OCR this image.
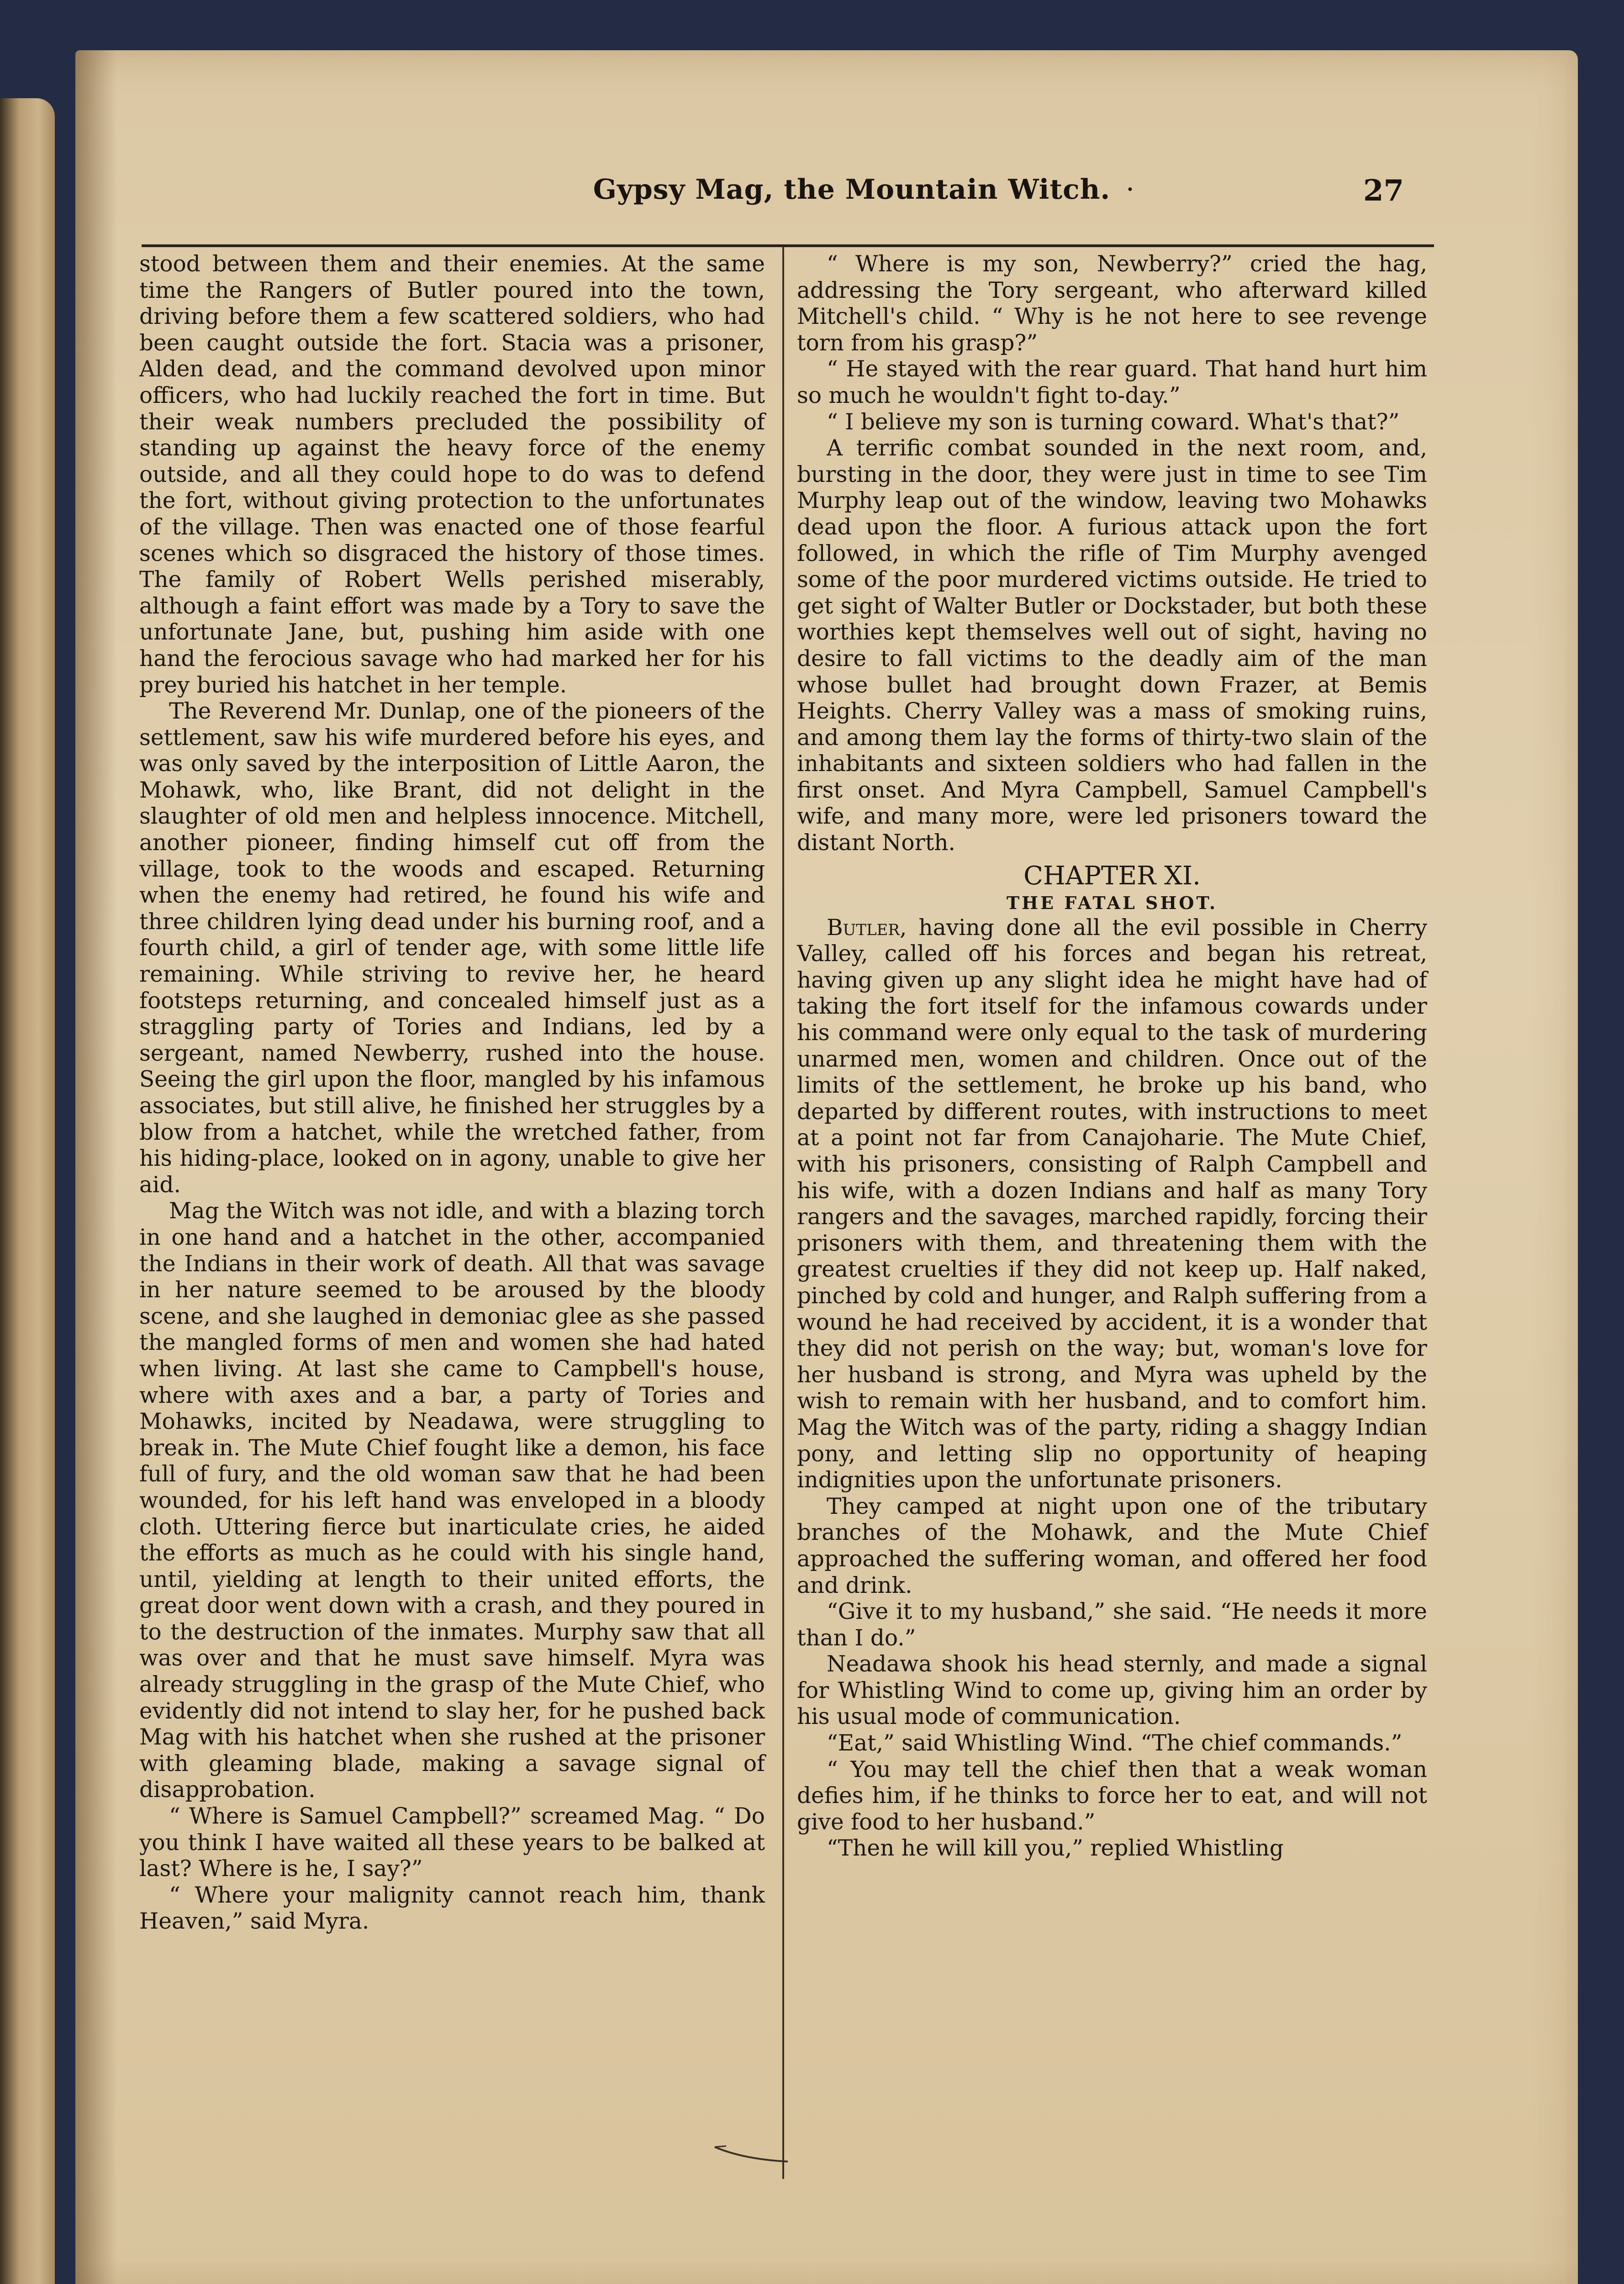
Gypsy Mag, the Mountain Witch. ·	27

stood between them and their enemies. At the same time the Rangers of Butler poured into the town, driving before them a few scattered soldiers, who had been caught outside the fort. Stacia was a prisoner, Alden dead, and the command devolved upon minor officers, who had luckily reached the fort in time. But their weak numbers precluded the possibility of standing up against the heavy force of the enemy outside, and all they could hope to do was to defend the fort, without giving protection to the unfortunates of the village. Then was enacted one of those fearful scenes which so disgraced the history of those times. The family of Robert Wells perished miserably, although a faint effort was made by a Tory to save the unfortunate Jane, but, pushing him aside with one hand the ferocious savage who had marked her for his prey buried his hatchet in her temple.

The Reverend Mr. Dunlap, one of the pioneers of the settlement, saw his wife murdered before his eyes, and was only saved by the interposition of Little Aaron, the Mohawk, who, like Brant, did not delight in the slaughter of old men and helpless innocence. Mitchell, another pioneer, finding himself cut off from the village, took to the woods and escaped. Returning when the enemy had retired, he found his wife and three children lying dead under his burning roof, and a fourth child, a girl of tender age, with some little life remaining. While striving to revive her, he heard footsteps returning, and concealed himself just as a straggling party of Tories and Indians, led by a sergeant, named Newberry, rushed into the house. Seeing the girl upon the floor, mangled by his infamous associates, but still alive, he finished her struggles by a blow from a hatchet, while the wretched father, from his hiding-place, looked on in agony, unable to give her aid.

Mag the Witch was not idle, and with a blazing torch in one hand and a hatchet in the other, accompanied the Indians in their work of death. All that was savage in her nature seemed to be aroused by the bloody scene, and she laughed in demoniac glee as she passed the mangled forms of men and women she had hated when living. At last she came to Campbell's house, where with axes and a bar, a party of Tories and Mohawks, incited by Neadawa, were struggling to break in. The Mute Chief fought like a demon, his face full of fury, and the old woman saw that he had been wounded, for his left hand was enveloped in a bloody cloth. Uttering fierce but inarticulate cries, he aided the efforts as much as he could with his single hand, until, yielding at length to their united efforts, the great door went down with a crash, and they poured in to the destruction of the inmates. Murphy saw that all was over and that he must save himself. Myra was already struggling in the grasp of the Mute Chief, who evidently did not intend to slay her, for he pushed back Mag with his hatchet when she rushed at the prisoner with gleaming blade, making a savage signal of disapprobation.

“ Where is Samuel Campbell?” screamed Mag. “ Do you think I have waited all these years to be balked at last? Where is he, I say?”

“ Where your malignity cannot reach him, thank Heaven,” said Myra.

“ Where is my son, Newberry?” cried the hag, addressing the Tory sergeant, who afterward killed Mitchell's child. “ Why is he not here to see revenge torn from his grasp?”

“ He stayed with the rear guard. That hand hurt him so much he wouldn't fight to-day.”

“ I believe my son is turning coward. What's that?”

A terrific combat sounded in the next room, and, bursting in the door, they were just in time to see Tim Murphy leap out of the window, leaving two Mohawks dead upon the floor. A furious attack upon the fort followed, in which the rifle of Tim Murphy avenged some of the poor murdered victims outside. He tried to get sight of Walter Butler or Dockstader, but both these worthies kept themselves well out of sight, having no desire to fall victims to the deadly aim of the man whose bullet had brought down Frazer, at Bemis Heights. Cherry Valley was a mass of smoking ruins, and among them lay the forms of thirty-two slain of the inhabitants and sixteen soldiers who had fallen in the first onset. And Myra Campbell, Samuel Campbell's wife, and many more, were led prisoners toward the distant North.

CHAPTER XI.
THE FATAL SHOT.

Butler, having done all the evil possible in Cherry Valley, called off his forces and began his retreat, having given up any slight idea he might have had of taking the fort itself for the infamous cowards under his command were only equal to the task of murdering unarmed men, women and children. Once out of the limits of the settlement, he broke up his band, who departed by different routes, with instructions to meet at a point not far from Canajoharie. The Mute Chief, with his prisoners, consisting of Ralph Campbell and his wife, with a dozen Indians and half as many Tory rangers and the savages, marched rapidly, forcing their prisoners with them, and threatening them with the greatest cruelties if they did not keep up. Half naked, pinched by cold and hunger, and Ralph suffering from a wound he had received by accident, it is a wonder that they did not perish on the way; but, woman's love for her husband is strong, and Myra was upheld by the wish to remain with her husband, and to comfort him. Mag the Witch was of the party, riding a shaggy Indian pony, and letting slip no opportunity of heaping indignities upon the unfortunate prisoners.

They camped at night upon one of the tributary branches of the Mohawk, and the Mute Chief approached the suffering woman, and offered her food and drink.

“Give it to my husband,” she said. “He needs it more than I do.”

Neadawa shook his head sternly, and made a signal for Whistling Wind to come up, giving him an order by his usual mode of communication.

“Eat,” said Whistling Wind. “The chief commands.”

“ You may tell the chief then that a weak woman defies him, if he thinks to force her to eat, and will not give food to her husband.”

“Then he will kill you,” replied Whistling
